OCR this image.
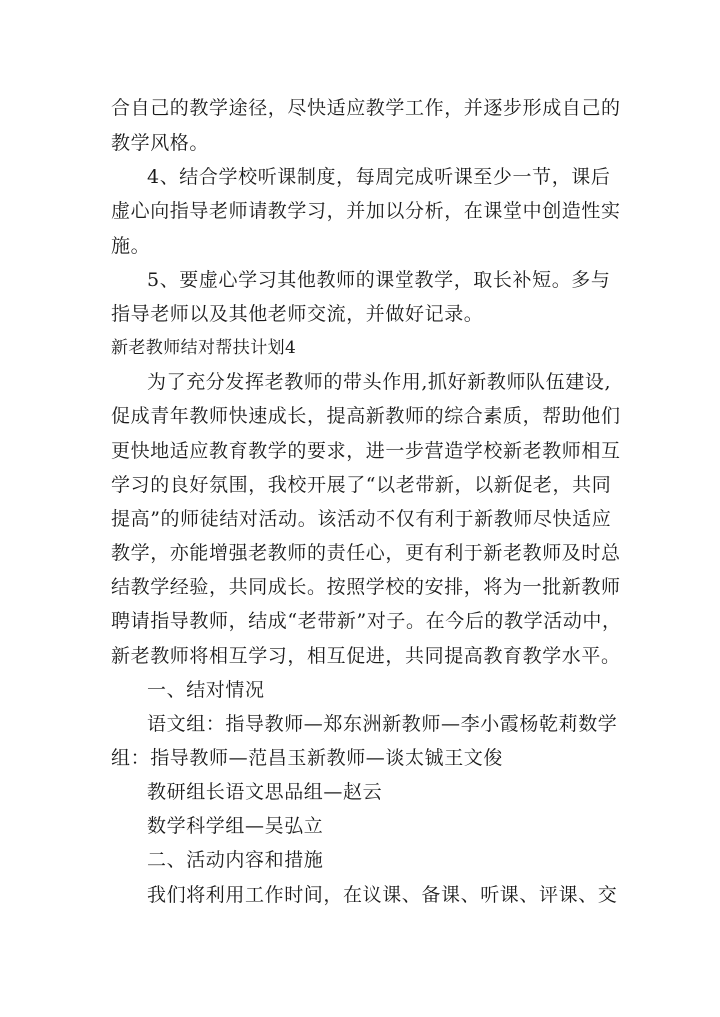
合自己的教学途径，尽快适应教学工作，并逐步形成自己的
教学风格。
4、结合学校听课制度，每周完成听课至少一节，课后
虚心向指导老师请教学习，并加以分析，在课堂中创造性实
施。
5、要虚心学习其他教师的课堂教学，取长补短。多与
指导老师以及其他老师交流，并做好记录。
新老教师结对帮扶计划4
为了充分发挥老教师的带头作用,抓好新教师队伍建设,
促成青年教师快速成长，提高新教师的综合素质，帮助他们
更快地适应教育教学的要求，进一步营造学校新老教师相互
学习的良好氛围，我校开展了“以老带新，以新促老，共同
提高”的师徒结对活动。该活动不仅有利于新教师尽快适应
教学，亦能增强老教师的责任心，更有利于新老教师及时总
结教学经验，共同成长。按照学校的安排，将为一批新教师
聘请指导教师，结成“老带新”对子。在今后的教学活动中，
新老教师将相互学习，相互促进，共同提高教育教学水平。
一、结对情况
语文组：指导教师—郑东洲新教师—李小霞杨乾莉数学
组：指导教师—范昌玉新教师—谈太铖王文俊
教研组长语文思品组—赵云
数学科学组—吴弘立
二、活动内容和措施
我们将利用工作时间，在议课、备课、听课、评课、交
